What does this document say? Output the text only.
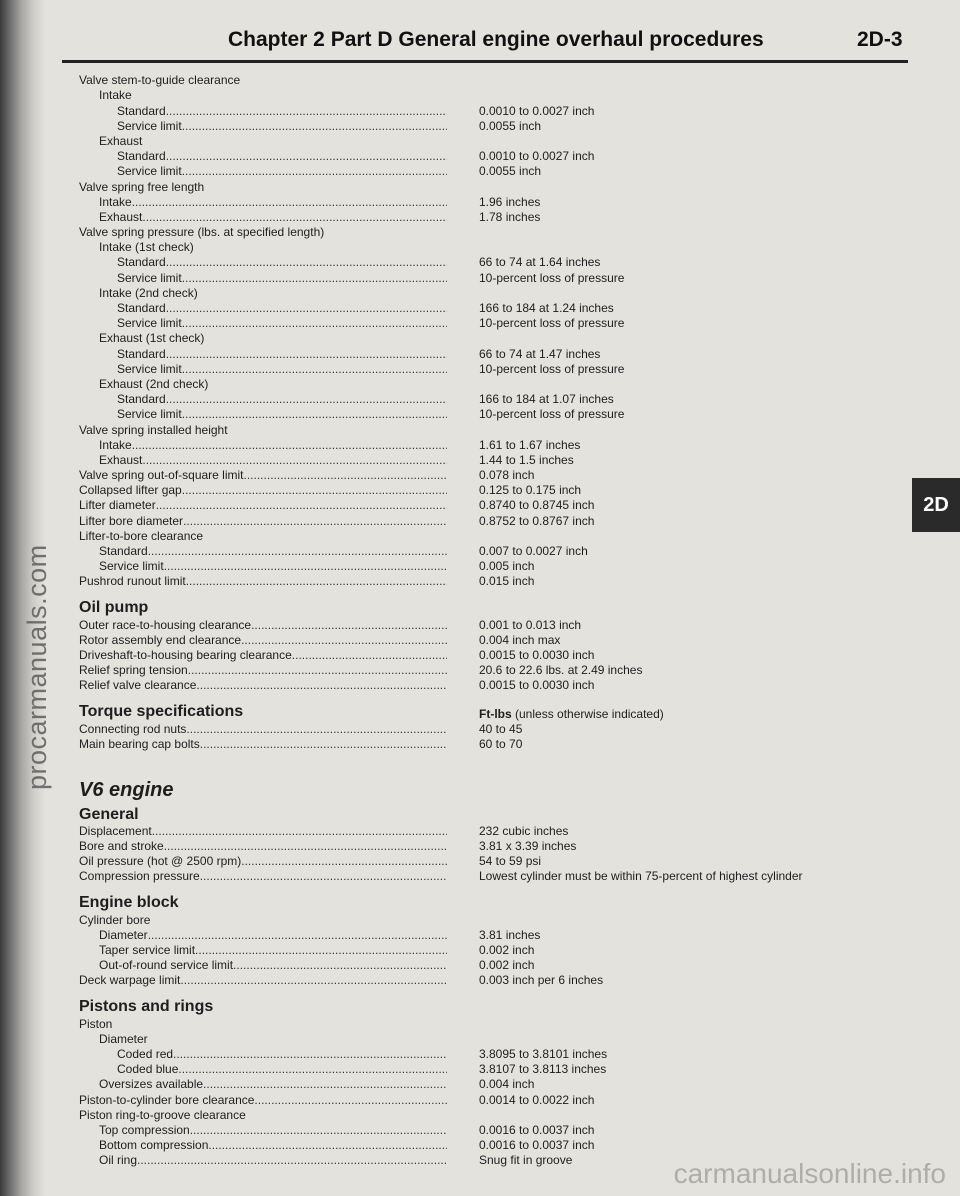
procarmanuals.com
carmanualsonline.info
Chapter 2 Part D General engine overhaul procedures	2D-3
2D
Valve stem-to-guide clearance
Intake
Standard .....	0.0010 to 0.0027 inch
Service limit .....	0.0055 inch
Exhaust
Standard .....	0.0010 to 0.0027 inch
Service limit .....	0.0055 inch
Valve spring free length
Intake .....	1.96 inches
Exhaust .....	1.78 inches
Valve spring pressure (lbs. at specified length)
Intake (1st check)
Standard .....	66 to 74 at 1.64 inches
Service limit .....	10-percent loss of pressure
Intake (2nd check)
Standard .....	166 to 184 at 1.24 inches
Service limit .....	10-percent loss of pressure
Exhaust (1st check)
Standard .....	66 to 74 at 1.47 inches
Service limit .....	10-percent loss of pressure
Exhaust (2nd check)
Standard .....	166 to 184 at 1.07 inches
Service limit .....	10-percent loss of pressure
Valve spring installed height
Intake .....	1.61 to 1.67 inches
Exhaust .....	1.44 to 1.5 inches
Valve spring out-of-square limit .....	0.078 inch
Collapsed lifter gap .....	0.125 to 0.175 inch
Lifter diameter .....	0.8740 to 0.8745 inch
Lifter bore diameter .....	0.8752 to 0.8767 inch
Lifter-to-bore clearance
Standard .....	0.007 to 0.0027 inch
Service limit .....	0.005 inch
Pushrod runout limit .....	0.015 inch
Oil pump
Outer race-to-housing clearance .....	0.001 to 0.013 inch
Rotor assembly end clearance .....	0.004 inch max
Driveshaft-to-housing bearing clearance .....	0.0015 to 0.0030 inch
Relief spring tension .....	20.6 to 22.6 lbs. at 2.49 inches
Relief valve clearance .....	0.0015 to 0.0030 inch
Torque specifications	Ft-lbs (unless otherwise indicated)
Connecting rod nuts .....	40 to 45
Main bearing cap bolts .....	60 to 70
V6 engine
General
Displacement .....	232 cubic inches
Bore and stroke .....	3.81 x 3.39 inches
Oil pressure (hot @ 2500 rpm) .....	54 to 59 psi
Compression pressure .....	Lowest cylinder must be within 75-percent of highest cylinder
Engine block
Cylinder bore
Diameter .....	3.81 inches
Taper service limit .....	0.002 inch
Out-of-round service limit .....	0.002 inch
Deck warpage limit .....	0.003 inch per 6 inches
Pistons and rings
Piston
Diameter
Coded red .....	3.8095 to 3.8101 inches
Coded blue .....	3.8107 to 3.8113 inches
Oversizes available .....	0.004 inch
Piston-to-cylinder bore clearance .....	0.0014 to 0.0022 inch
Piston ring-to-groove clearance
Top compression .....	0.0016 to 0.0037 inch
Bottom compression .....	0.0016 to 0.0037 inch
Oil ring .....	Snug fit in groove
